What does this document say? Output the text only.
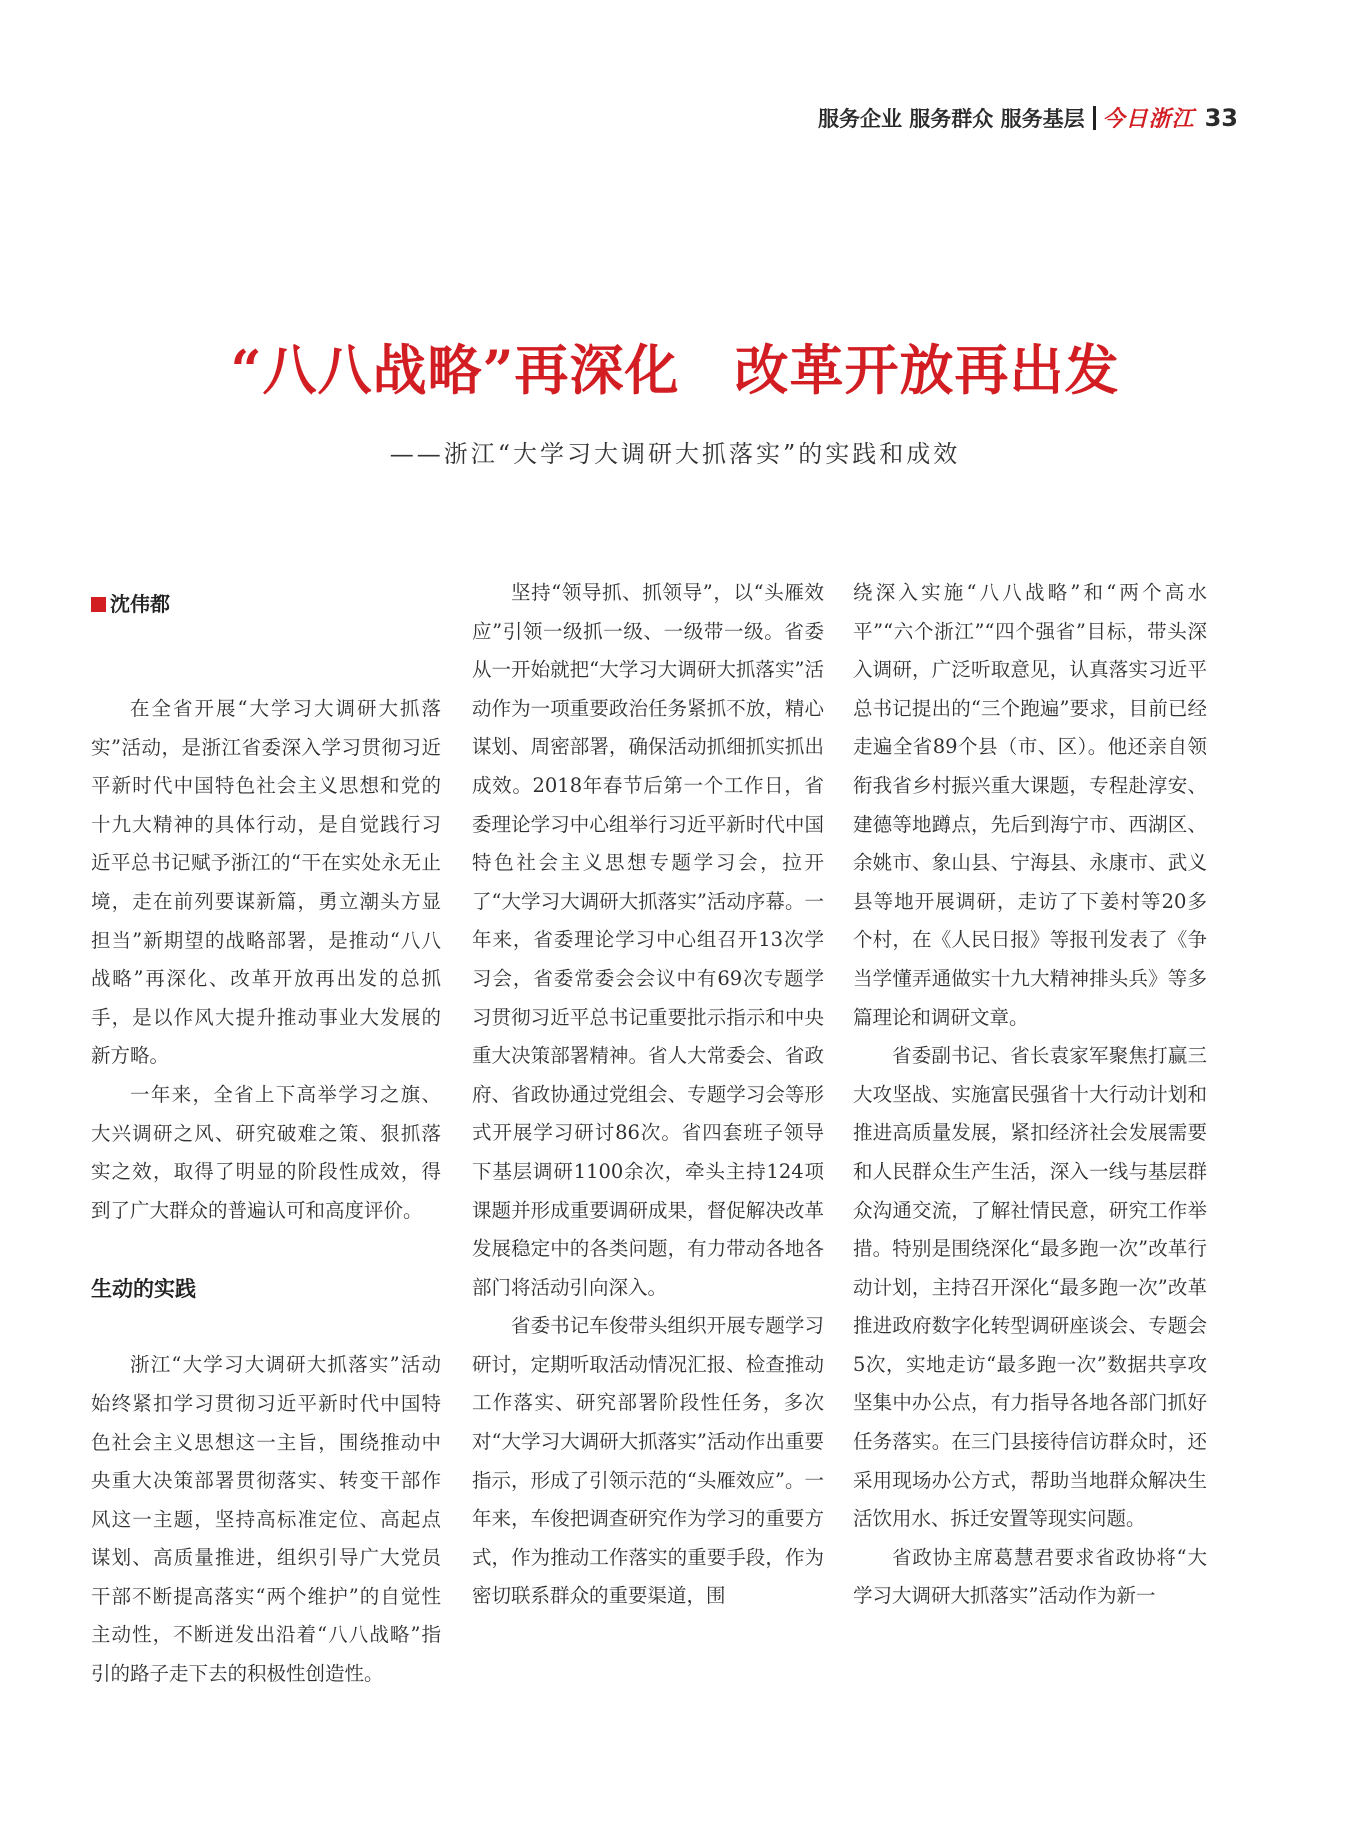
服务企业 服务群众 服务基层 今日浙江 33
“八八战略”再深化　改革开放再出发
——浙江“大学习大调研大抓落实”的实践和成效
沈伟都

在全省开展“大学习大调研大抓落实”活动，是浙江省委深入学习贯彻习近平新时代中国特色社会主义思想和党的十九大精神的具体行动，是自觉践行习近平总书记赋予浙江的“干在实处永无止境，走在前列要谋新篇，勇立潮头方显担当”新期望的战略部署，是推动“八八战略”再深化、改革开放再出发的总抓手，是以作风大提升推动事业大发展的新方略。

一年来，全省上下高举学习之旗、大兴调研之风、研究破难之策、狠抓落实之效，取得了明显的阶段性成效，得到了广大群众的普遍认可和高度评价。

生动的实践

浙江“大学习大调研大抓落实”活动始终紧扣学习贯彻习近平新时代中国特色社会主义思想这一主旨，围绕推动中央重大决策部署贯彻落实、转变干部作风这一主题，坚持高标准定位、高起点谋划、高质量推进，组织引导广大党员干部不断提高落实“两个维护”的自觉性主动性，不断迸发出沿着“八八战略”指引的路子走下去的积极性创造性。

坚持“领导抓、抓领导”，以“头雁效应”引领一级抓一级、一级带一级。省委从一开始就把“大学习大调研大抓落实”活动作为一项重要政治任务紧抓不放，精心谋划、周密部署，确保活动抓细抓实抓出成效。2018年春节后第一个工作日，省委理论学习中心组举行习近平新时代中国特色社会主义思想专题学习会，拉开了“大学习大调研大抓落实”活动序幕。一年来，省委理论学习中心组召开13次学习会，省委常委会会议中有69次专题学习贯彻习近平总书记重要批示指示和中央重大决策部署精神。省人大常委会、省政府、省政协通过党组会、专题学习会等形式开展学习研讨86次。省四套班子领导下基层调研1100余次，牵头主持124项课题并形成重要调研成果，督促解决改革发展稳定中的各类问题，有力带动各地各部门将活动引向深入。

省委书记车俊带头组织开展专题学习研讨，定期听取活动情况汇报、检查推动工作落实、研究部署阶段性任务，多次对“大学习大调研大抓落实”活动作出重要指示，形成了引领示范的“头雁效应”。一年来，车俊把调查研究作为学习的重要方式，作为推动工作落实的重要手段，作为密切联系群众的重要渠道，围

绕深入实施“八八战略”和“两个高水平”“六个浙江”“四个强省”目标，带头深入调研，广泛听取意见，认真落实习近平总书记提出的“三个跑遍”要求，目前已经走遍全省89个县（市、区）。他还亲自领衔我省乡村振兴重大课题，专程赴淳安、建德等地蹲点，先后到海宁市、西湖区、余姚市、象山县、宁海县、永康市、武义县等地开展调研，走访了下姜村等20多个村，在《人民日报》等报刊发表了《争当学懂弄通做实十九大精神排头兵》等多篇理论和调研文章。

省委副书记、省长袁家军聚焦打赢三大攻坚战、实施富民强省十大行动计划和推进高质量发展，紧扣经济社会发展需要和人民群众生产生活，深入一线与基层群众沟通交流，了解社情民意，研究工作举措。特别是围绕深化“最多跑一次”改革行动计划，主持召开深化“最多跑一次”改革推进政府数字化转型调研座谈会、专题会5次，实地走访“最多跑一次”数据共享攻坚集中办公点，有力指导各地各部门抓好任务落实。在三门县接待信访群众时，还采用现场办公方式，帮助当地群众解决生活饮用水、拆迁安置等现实问题。

省政协主席葛慧君要求省政协将“大学习大调研大抓落实”活动作为新一
